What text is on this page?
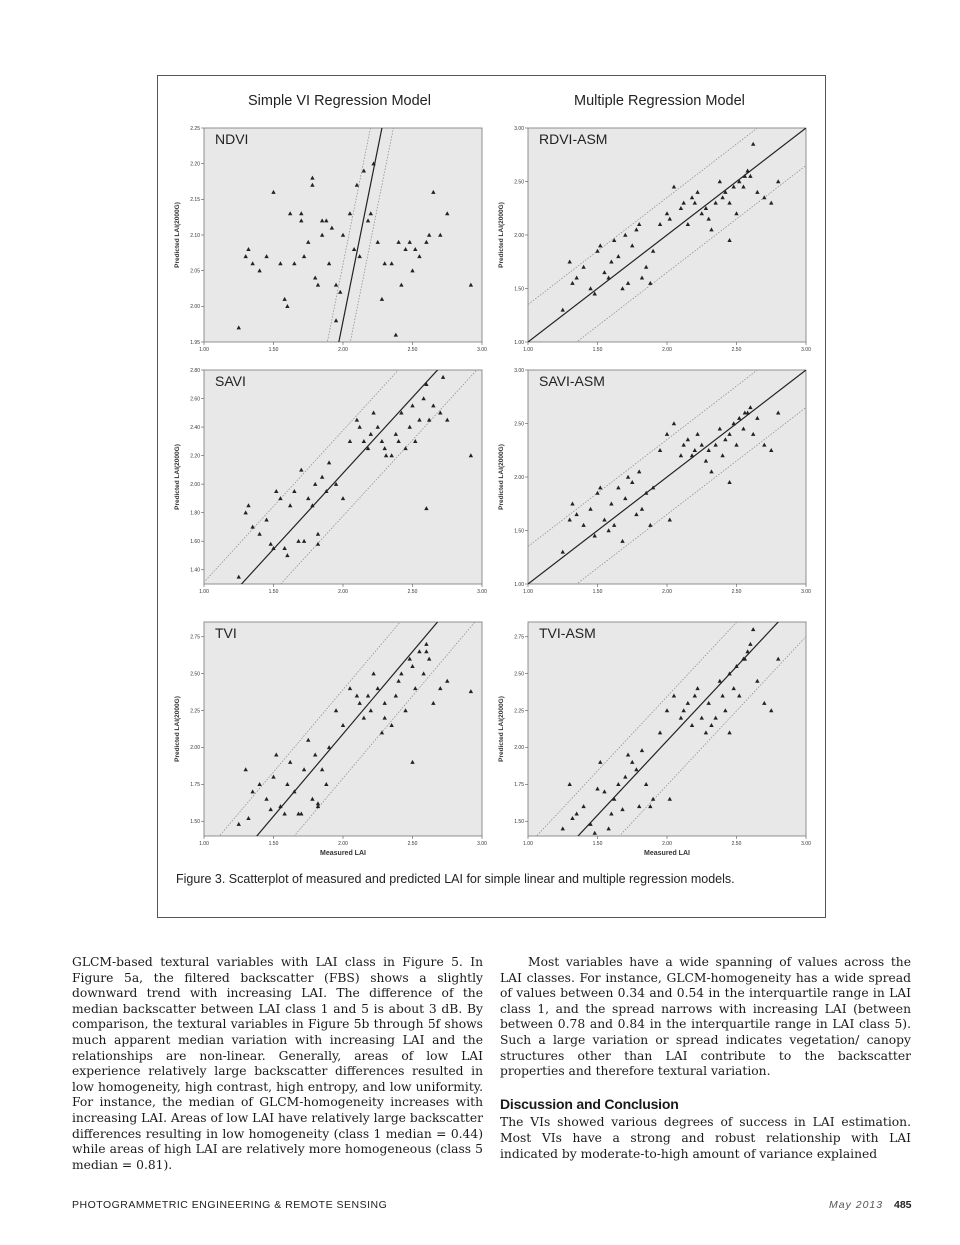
Simple VI Regression Model	Multiple Regression Model
1.95
2.00
2.05
2.10
2.15
2.20
2.25
1.00	1.50	2.00	2.50	3.00
NDVI
Predicted LAI(2000G)
1.00
1.50
2.00
2.50
3.00
1.00	1.50	2.00	2.50	3.00
RDVI-ASM
Predicted LAI(2000G)
1.40
1.60
1.80
2.00
2.20
2.40
2.60
2.80
1.00	1.50	2.00	2.50	3.00
SAVI
Predicted LAI(2000G)
1.00
1.50
2.00
2.50
3.00
1.00	1.50	2.00	2.50	3.00
SAVI-ASM
Predicted LAI(2000G)
1.50
1.75
2.00
2.25
2.50
2.75
1.00	1.50	2.00	2.50	3.00
TVI
Predicted LAI(2000G)
Measured LAI
1.50
1.75
2.00
2.25
2.50
2.75
1.00	1.50	2.00	2.50	3.00
TVI-ASM
Predicted LAI(2000G)
Measured LAI
Figure 3. Scatterplot of measured and predicted LAI for simple linear and multiple regression models.

GLCM-based textural variables with LAI class in Figure 5. In Figure 5a, the filtered backscatter (FBS) shows a slightly downward trend with increasing LAI. The difference of the median backscatter between LAI class 1 and 5 is about 3 dB. By comparison, the textural variables in Figure 5b through 5f shows much apparent median variation with increasing LAI and the relationships are non-linear. Generally, areas of low LAI experience relatively large backscatter differences resulted in low homogeneity, high contrast, high entropy, and low uniformity. For instance, the median of GLCM-homogeneity increases with increasing LAI. Areas of low LAI have relatively large backscatter differences resulting in low homogeneity (class 1 median = 0.44) while areas of high LAI are relatively more homogeneous (class 5 median = 0.81).

Most variables have a wide spanning of values across the LAI classes. For instance, GLCM-homogeneity has a wide spread of values between 0.34 and 0.54 in the interquartile range in LAI class 1, and the spread narrows with increasing LAI (between between 0.78 and 0.84 in the interquartile range in LAI class 5). Such a large variation or spread indicates vegetation/ canopy structures other than LAI contribute to the backscatter properties and therefore textural variation.

Discussion and Conclusion

The VIs showed various degrees of success in LAI estimation. Most VIs have a strong and robust relationship with LAI indicated by moderate-to-high amount of variance explained

PHOTOGRAMMETRIC ENGINEERING & REMOTE SENSING	May 2013 485
